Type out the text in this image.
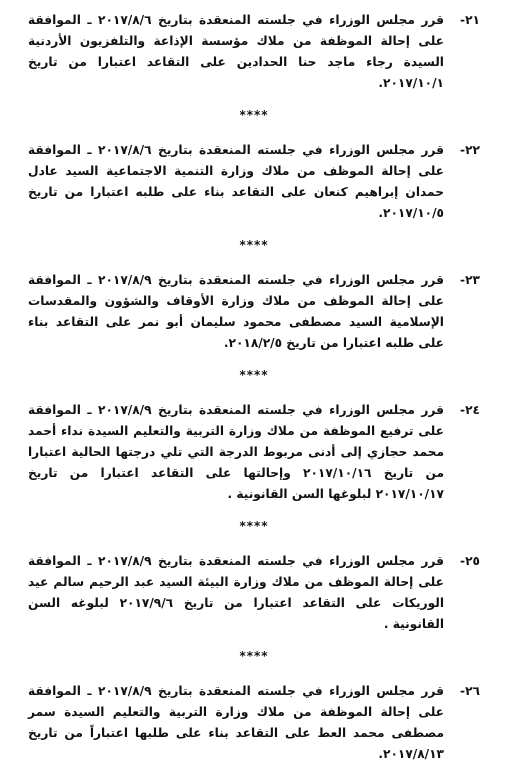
٢١-
قرر مجلس الوزراء في جلسته المنعقدة بتاريخ ٢٠١٧/٨/٦ ـ الموافقة على إحالة الموظفة من ملاك مؤسسة الإذاعة والتلفزيون الأردنية السيدة رجاء ماجد حنا الحدادين على التقاعد اعتبارا من تاريخ ٢٠١٧/١٠/١.
****
٢٢-
قرر مجلس الوزراء في جلسته المنعقدة بتاريخ ٢٠١٧/٨/٦ ـ الموافقة على إحالة الموظف من ملاك وزارة التنمية الاجتماعية السيد عادل حمدان إبراهيم كنعان على التقاعد بناء على طلبه اعتبارا من تاريخ ٢٠١٧/١٠/٥.
****
٢٣-
قرر مجلس الوزراء في جلسته المنعقدة بتاريخ ٢٠١٧/٨/٩ ـ الموافقة على إحالة الموظف من ملاك وزارة الأوقاف والشؤون والمقدسات الإسلامية السيد مصطفى محمود سليمان أبو نمر على التقاعد بناء على طلبه اعتبارا من تاريخ ٢٠١٨/٢/٥.
****
٢٤-
قرر مجلس الوزراء في جلسته المنعقدة بتاريخ ٢٠١٧/٨/٩ ـ الموافقة على ترفيع الموظفة من ملاك وزارة التربية والتعليم السيدة نداء أحمد محمد حجازي إلى أدنى مربوط الدرجة التي تلي درجتها الحالية اعتبارا من تاريخ ٢٠١٧/١٠/١٦ وإحالتها على التقاعد اعتبارا من تاريخ ٢٠١٧/١٠/١٧ لبلوغها السن القانونية .
****
٢٥-
قرر مجلس الوزراء في جلسته المنعقدة بتاريخ ٢٠١٧/٨/٩ ـ الموافقة على إحالة الموظف من ملاك وزارة البيئة السيد عبد الرحيم سالم عيد الوريكات على التقاعد اعتبارا من تاريخ ٢٠١٧/٩/٦ لبلوغه السن القانونية .
****
٢٦-
قرر مجلس الوزراء في جلسته المنعقدة بتاريخ ٢٠١٧/٨/٩ ـ الموافقة على إحالة الموظفة من ملاك وزارة التربية والتعليم السيدة سمر مصطفى محمد العط على التقاعد بناء على طلبها اعتباراً من تاريخ ٢٠١٧/٨/١٣.
